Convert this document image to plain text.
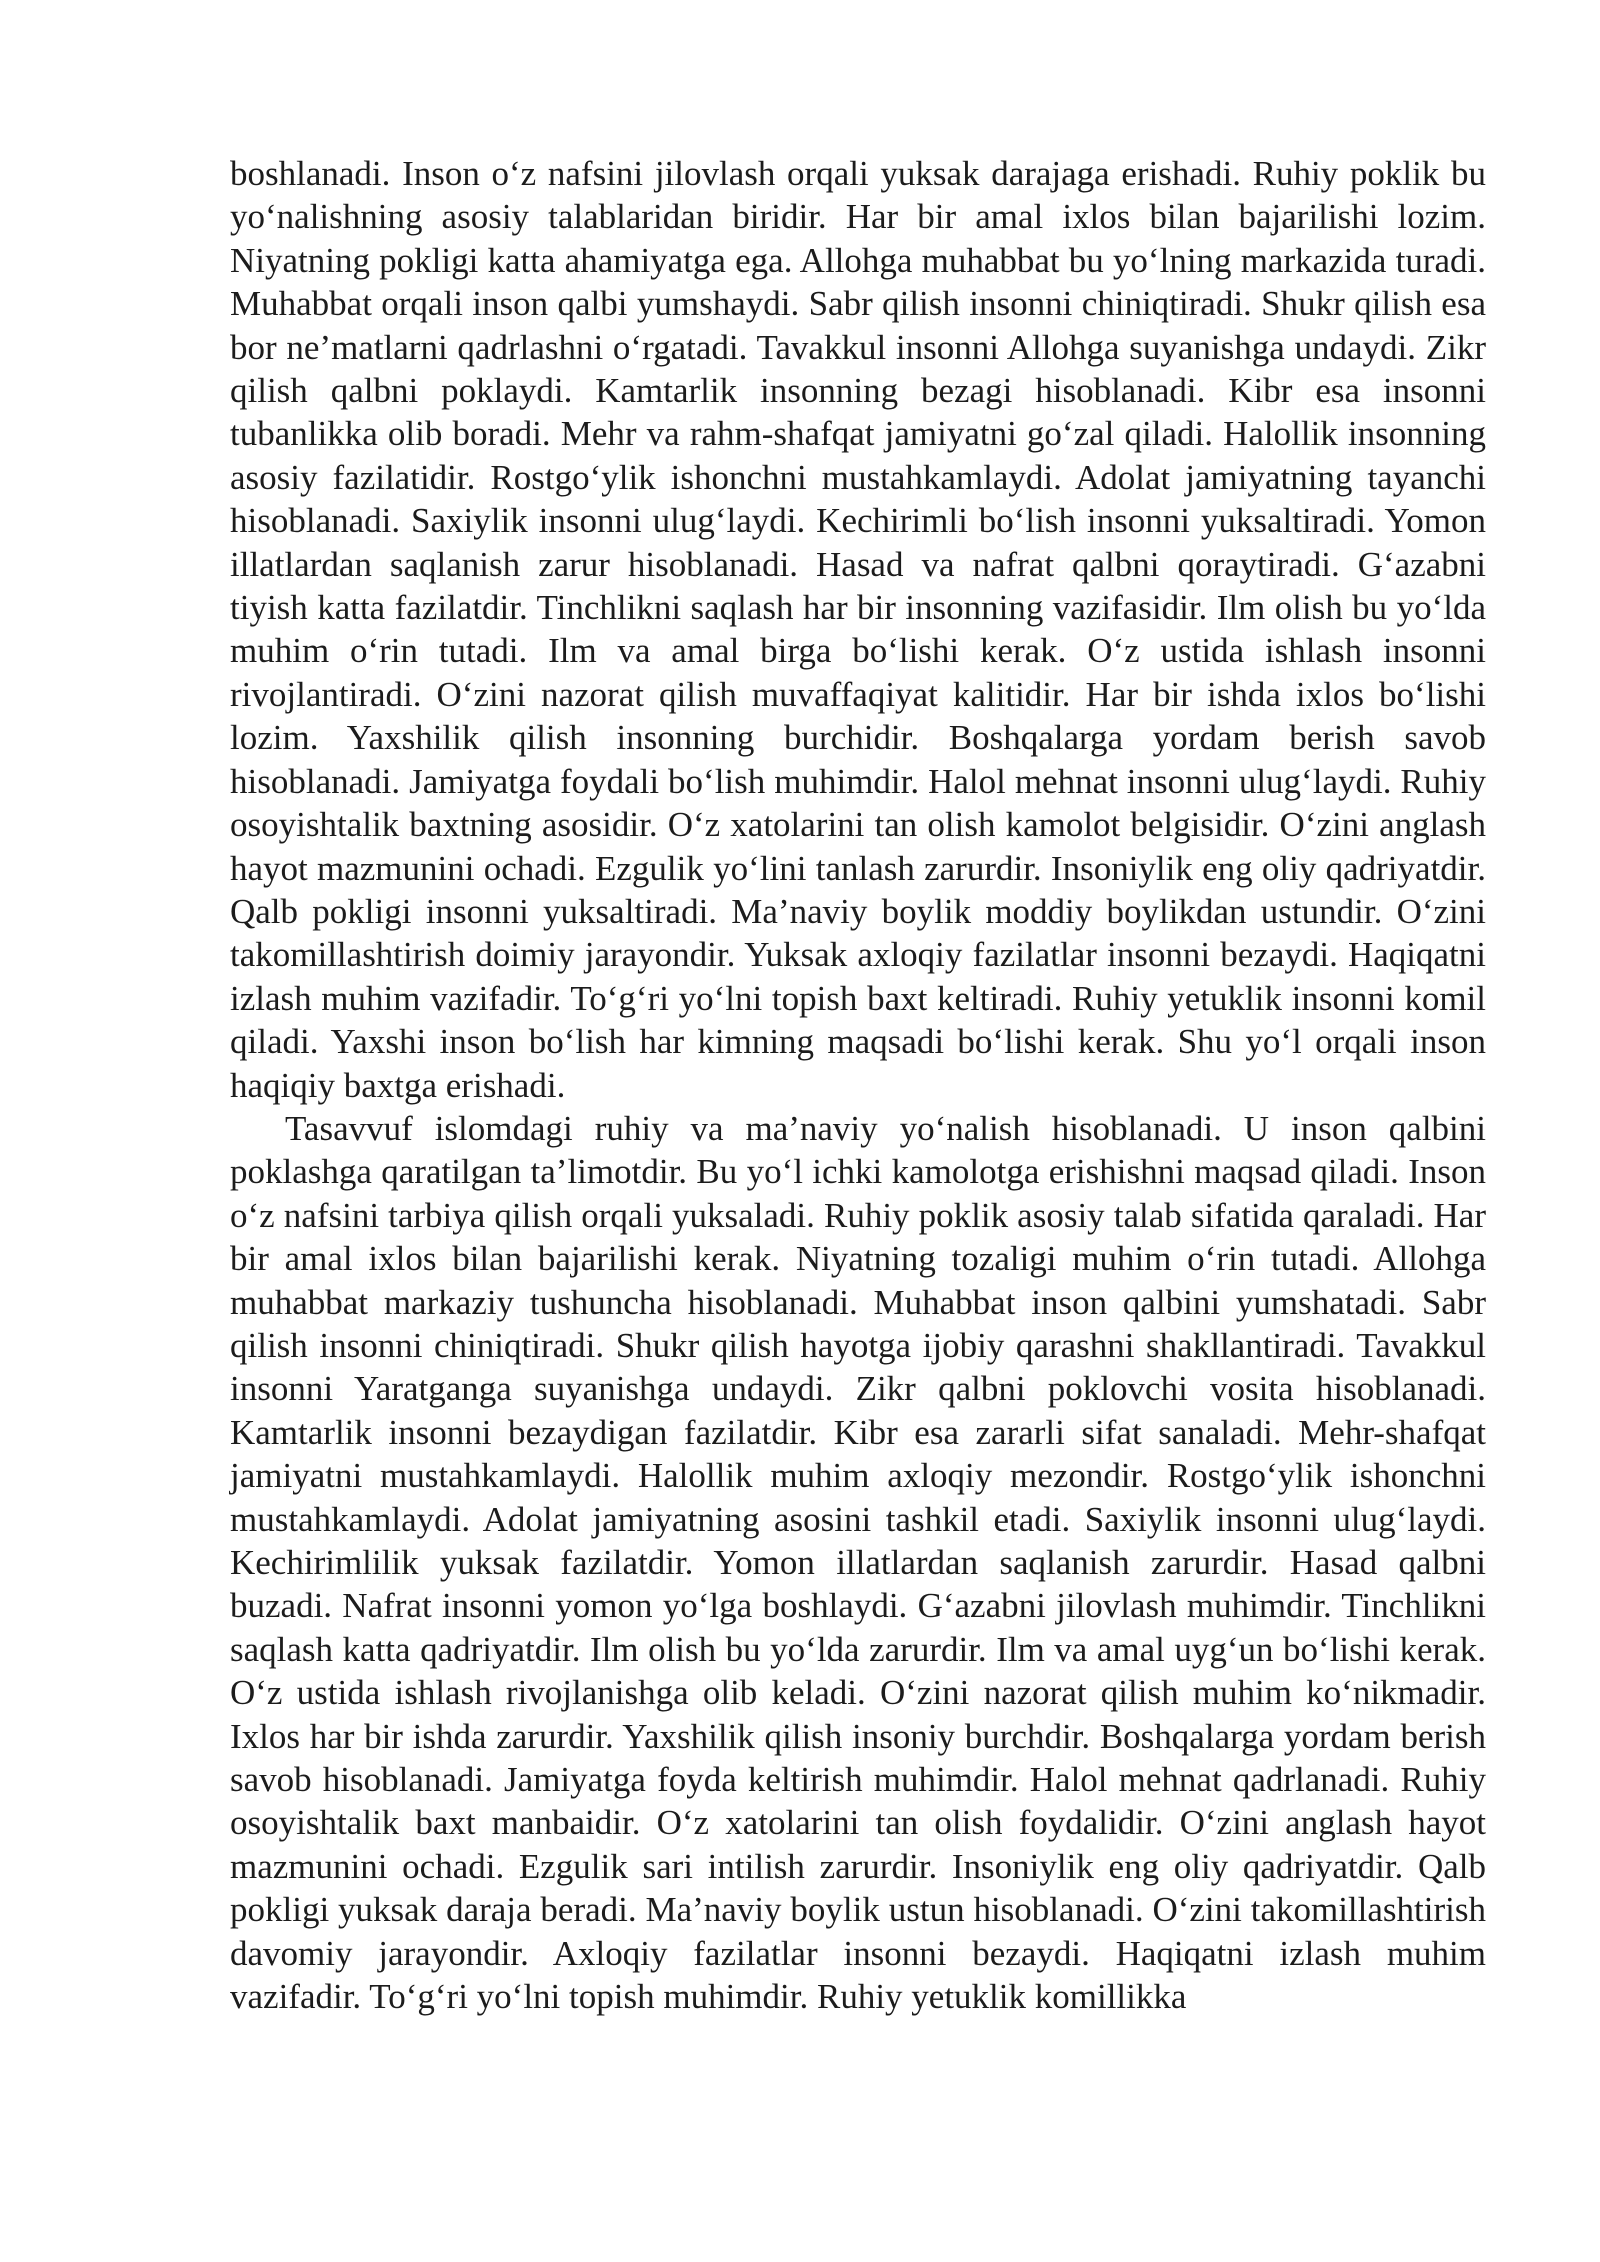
boshlanadi. Inson o‘z nafsini jilovlash orqali yuksak darajaga erishadi. Ruhiy poklik bu yo‘nalishning asosiy talablaridan biridir. Har bir amal ixlos bilan bajarilishi lozim. Niyatning pokligi katta ahamiyatga ega. Allohga muhabbat bu yo‘lning markazida turadi. Muhabbat orqali inson qalbi yumshaydi. Sabr qilish insonni chiniqtiradi. Shukr qilish esa bor ne’matlarni qadrlashni o‘rgatadi. Tavakkul insonni Allohga suyanishga undaydi. Zikr qilish qalbni poklaydi. Kamtarlik insonning bezagi hisoblanadi. Kibr esa insonni tubanlikka olib boradi. Mehr va rahm-shafqat jamiyatni go‘zal qiladi. Halollik insonning asosiy fazilatidir. Rostgo‘ylik ishonchni mustahkamlaydi. Adolat jamiyatning tayanchi hisoblanadi. Saxiylik insonni ulug‘laydi. Kechirimli bo‘lish insonni yuksaltiradi. Yomon illatlardan saqlanish zarur hisoblanadi. Hasad va nafrat qalbni qoraytiradi. G‘azabni tiyish katta fazilatdir. Tinchlikni saqlash har bir insonning vazifasidir. Ilm olish bu yo‘lda muhim o‘rin tutadi. Ilm va amal birga bo‘lishi kerak. O‘z ustida ishlash insonni rivojlantiradi. O‘zini nazorat qilish muvaffaqiyat kalitidir. Har bir ishda ixlos bo‘lishi lozim. Yaxshilik qilish insonning burchidir. Boshqalarga yordam berish savob hisoblanadi. Jamiyatga foydali bo‘lish muhimdir. Halol mehnat insonni ulug‘laydi. Ruhiy osoyishtalik baxtning asosidir. O‘z xatolarini tan olish kamolot belgisidir. O‘zini anglash hayot mazmunini ochadi. Ezgulik yo‘lini tanlash zarurdir. Insoniylik eng oliy qadriyatdir. Qalb pokligi insonni yuksaltiradi. Ma’naviy boylik moddiy boylikdan ustundir. O‘zini takomillashtirish doimiy jarayondir. Yuksak axloqiy fazilatlar insonni bezaydi. Haqiqatni izlash muhim vazifadir. To‘g‘ri yo‘lni topish baxt keltiradi. Ruhiy yetuklik insonni komil qiladi. Yaxshi inson bo‘lish har kimning maqsadi bo‘lishi kerak. Shu yo‘l orqali inson haqiqiy baxtga erishadi.

Tasavvuf islomdagi ruhiy va ma’naviy yo‘nalish hisoblanadi. U inson qalbini poklashga qaratilgan ta’limotdir. Bu yo‘l ichki kamolotga erishishni maqsad qiladi. Inson o‘z nafsini tarbiya qilish orqali yuksaladi. Ruhiy poklik asosiy talab sifatida qaraladi. Har bir amal ixlos bilan bajarilishi kerak. Niyatning tozaligi muhim o‘rin tutadi. Allohga muhabbat markaziy tushuncha hisoblanadi. Muhabbat inson qalbini yumshatadi. Sabr qilish insonni chiniqtiradi. Shukr qilish hayotga ijobiy qarashni shakllantiradi. Tavakkul insonni Yaratganga suyanishga undaydi. Zikr qalbni poklovchi vosita hisoblanadi. Kamtarlik insonni bezaydigan fazilatdir. Kibr esa zararli sifat sanaladi. Mehr-shafqat jamiyatni mustahkamlaydi. Halollik muhim axloqiy mezondir. Rostgo‘ylik ishonchni mustahkamlaydi. Adolat jamiyatning asosini tashkil etadi. Saxiylik insonni ulug‘laydi. Kechirimlilik yuksak fazilatdir. Yomon illatlardan saqlanish zarurdir. Hasad qalbni buzadi. Nafrat insonni yomon yo‘lga boshlaydi. G‘azabni jilovlash muhimdir. Tinchlikni saqlash katta qadriyatdir. Ilm olish bu yo‘lda zarurdir. Ilm va amal uyg‘un bo‘lishi kerak. O‘z ustida ishlash rivojlanishga olib keladi. O‘zini nazorat qilish muhim ko‘nikmadir. Ixlos har bir ishda zarurdir. Yaxshilik qilish insoniy burchdir. Boshqalarga yordam berish savob hisoblanadi. Jamiyatga foyda keltirish muhimdir. Halol mehnat qadrlanadi. Ruhiy osoyishtalik baxt manbaidir. O‘z xatolarini tan olish foydalidir. O‘zini anglash hayot mazmunini ochadi. Ezgulik sari intilish zarurdir. Insoniylik eng oliy qadriyatdir. Qalb pokligi yuksak daraja beradi. Ma’naviy boylik ustun hisoblanadi. O‘zini takomillashtirish davomiy jarayondir. Axloqiy fazilatlar insonni bezaydi. Haqiqatni izlash muhim vazifadir. To‘g‘ri yo‘lni topish muhimdir. Ruhiy yetuklik komillikka
